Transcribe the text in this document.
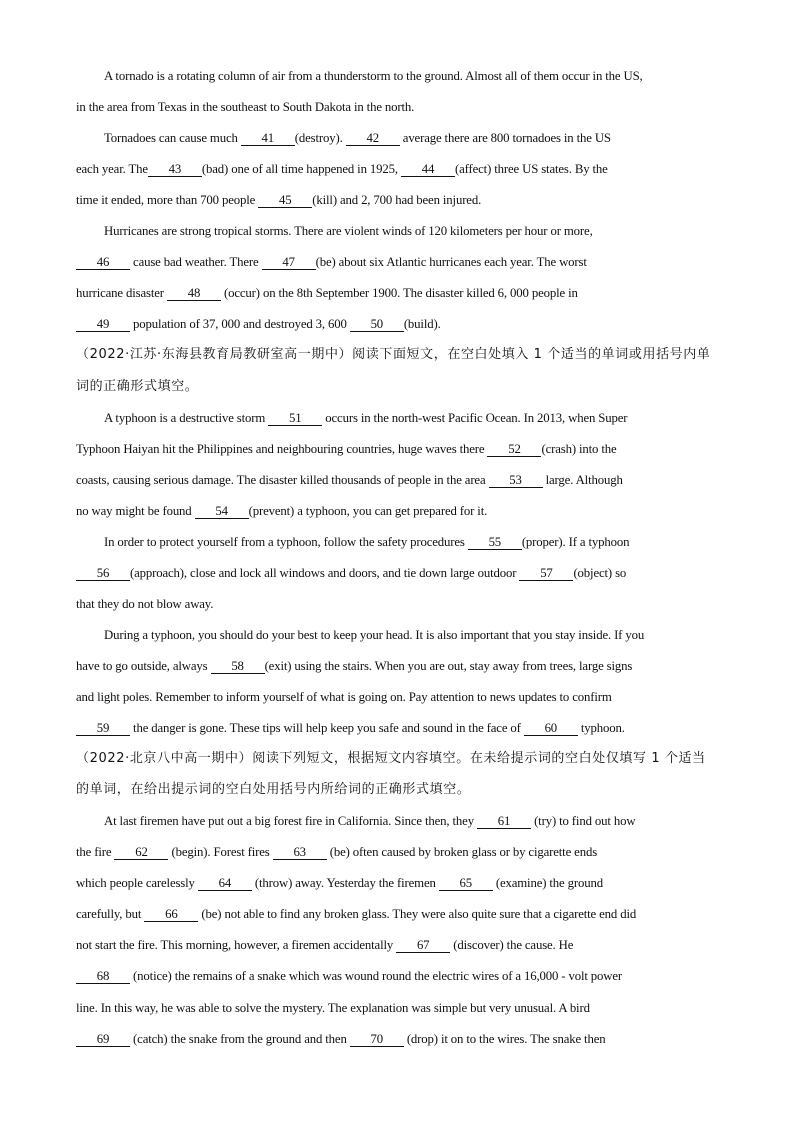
A tornado is a rotating column of air from a thunderstorm to the ground. Almost all of them occur in the US,
in the area from Texas in the southeast to South Dakota in the north.
Tornadoes can cause much 41 (destroy). 42 average there are 800 tornadoes in the US
each year. The 43 (bad) one of all time happened in 1925, 44 (affect) three US states. By the
time it ended, more than 700 people 45 (kill) and 2, 700 had been injured.
Hurricanes are strong tropical storms. There are violent winds of 120 kilometers per hour or more,
46 cause bad weather. There 47 (be) about six Atlantic hurricanes each year. The worst
hurricane disaster 48 (occur) on the 8th September 1900. The disaster killed 6, 000 people in
49 population of 37, 000 and destroyed 3, 600 50 (build).
（2022·江苏·东海县教育局教研室高一期中）阅读下面短文，在空白处填入 1 个适当的单词或用括号内单
词的正确形式填空。
A typhoon is a destructive storm 51 occurs in the north-west Pacific Ocean. In 2013, when Super
Typhoon Haiyan hit the Philippines and neighbouring countries, huge waves there 52 (crash) into the
coasts, causing serious damage. The disaster killed thousands of people in the area 53 large. Although
no way might be found 54 (prevent) a typhoon, you can get prepared for it.
In order to protect yourself from a typhoon, follow the safety procedures 55 (proper). If a typhoon
56 (approach), close and lock all windows and doors, and tie down large outdoor 57 (object) so
that they do not blow away.
During a typhoon, you should do your best to keep your head. It is also important that you stay inside. If you
have to go outside, always 58 (exit) using the stairs. When you are out, stay away from trees, large signs
and light poles. Remember to inform yourself of what is going on. Pay attention to news updates to confirm
59 the danger is gone. These tips will help keep you safe and sound in the face of 60 typhoon.
（2022·北京八中高一期中）阅读下列短文，根据短文内容填空。在未给提示词的空白处仅填写 1 个适当
的单词，在给出提示词的空白处用括号内所给词的正确形式填空。
At last firemen have put out a big forest fire in California. Since then, they 61 (try) to find out how
the fire 62 (begin). Forest fires 63 (be) often caused by broken glass or by cigarette ends
which people carelessly 64 (throw) away. Yesterday the firemen 65 (examine) the ground
carefully, but 66 (be) not able to find any broken glass. They were also quite sure that a cigarette end did
not start the fire. This morning, however, a firemen accidentally 67 (discover) the cause. He
68 (notice) the remains of a snake which was wound round the electric wires of a 16,000 - volt power
line. In this way, he was able to solve the mystery. The explanation was simple but very unusual. A bird
69 (catch) the snake from the ground and then 70 (drop) it on to the wires. The snake then
